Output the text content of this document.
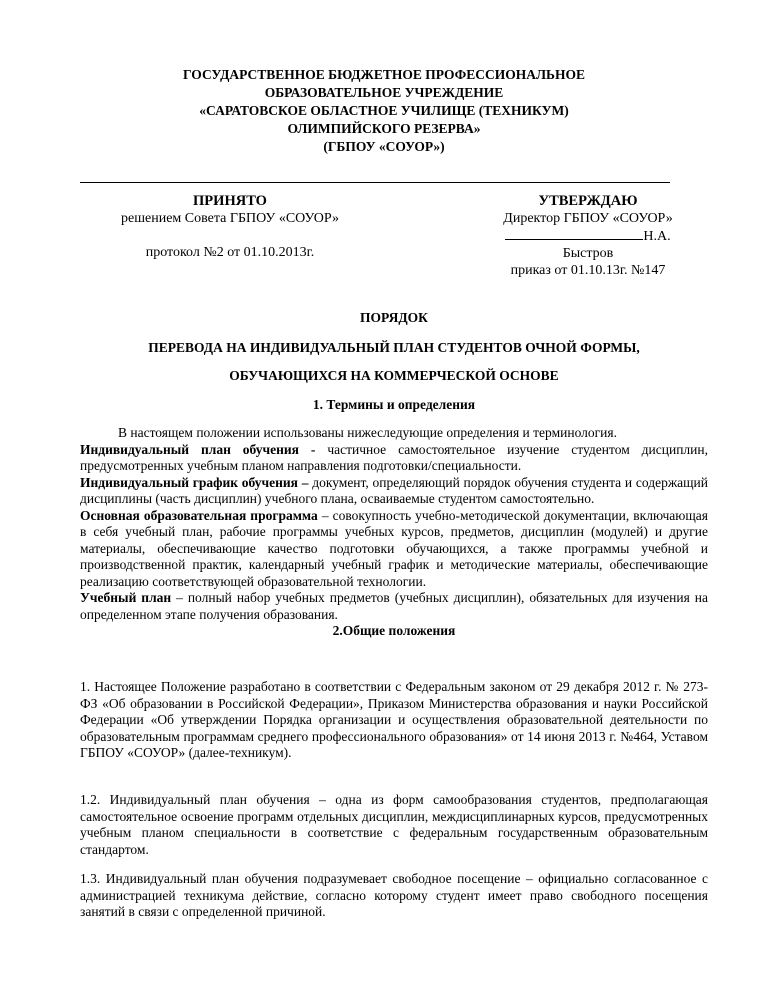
ГОСУДАРСТВЕННОЕ БЮДЖЕТНОЕ ПРОФЕССИОНАЛЬНОЕ
ОБРАЗОВАТЕЛЬНОЕ УЧРЕЖДЕНИЕ
«САРАТОВСКОЕ ОБЛАСТНОЕ УЧИЛИЩЕ (ТЕХНИКУМ)
ОЛИМПИЙСКОГО РЕЗЕРВА»
(ГБПОУ «СОУОР»)
ПРИНЯТО
решением Совета ГБПОУ «СОУОР»
протокол №2 от 01.10.2013г.
УТВЕРЖДАЮ
Директор ГБПОУ «СОУОР»
Н.А.
Быстров
приказ от 01.10.13г. №147
ПОРЯДОК
ПЕРЕВОДА НА ИНДИВИДУАЛЬНЫЙ ПЛАН СТУДЕНТОВ ОЧНОЙ ФОРМЫ,
ОБУЧАЮЩИХСЯ НА КОММЕРЧЕСКОЙ ОСНОВЕ
1. Термины и определения

В настоящем положении использованы нижеследующие определения и терминология.

Индивидуальный план обучения - частичное самостоятельное изучение студентом дисциплин, предусмотренных учебным планом направления подготовки/специальности.

Индивидуальный график обучения – документ, определяющий порядок обучения студента и содержащий дисциплины (часть дисциплин) учебного плана, осваиваемые студентом самостоятельно.

Основная образовательная программа – совокупность учебно-методической документации, включающая в себя учебный план, рабочие программы учебных курсов, предметов, дисциплин (модулей) и другие материалы, обеспечивающие качество подготовки обучающихся, а также программы учебной и производственной практик, календарный учебный график и методические материалы, обеспечивающие реализацию соответствующей образовательной технологии.

Учебный план – полный набор учебных предметов (учебных дисциплин), обязательных для изучения на определенном этапе получения образования.

2.Общие положения

1. Настоящее Положение разработано в соответствии с Федеральным законом от 29 декабря 2012 г. № 273-ФЗ «Об образовании в Российской Федерации», Приказом Министерства образования и науки Российской Федерации «Об утверждении Порядка организации и осуществления образовательной деятельности по образовательным программам среднего профессионального образования» от 14 июня 2013 г. №464, Уставом ГБПОУ «СОУОР» (далее-техникум).

1.2. Индивидуальный план обучения – одна из форм самообразования студентов, предполагающая самостоятельное освоение программ отдельных дисциплин, междисциплинарных курсов, предусмотренных учебным планом специальности в соответствие с федеральным государственным образовательным стандартом.

1.3. Индивидуальный план обучения подразумевает свободное посещение – официально согласованное с администрацией техникума действие, согласно которому студент имеет право свободного посещения занятий в связи с определенной причиной.
